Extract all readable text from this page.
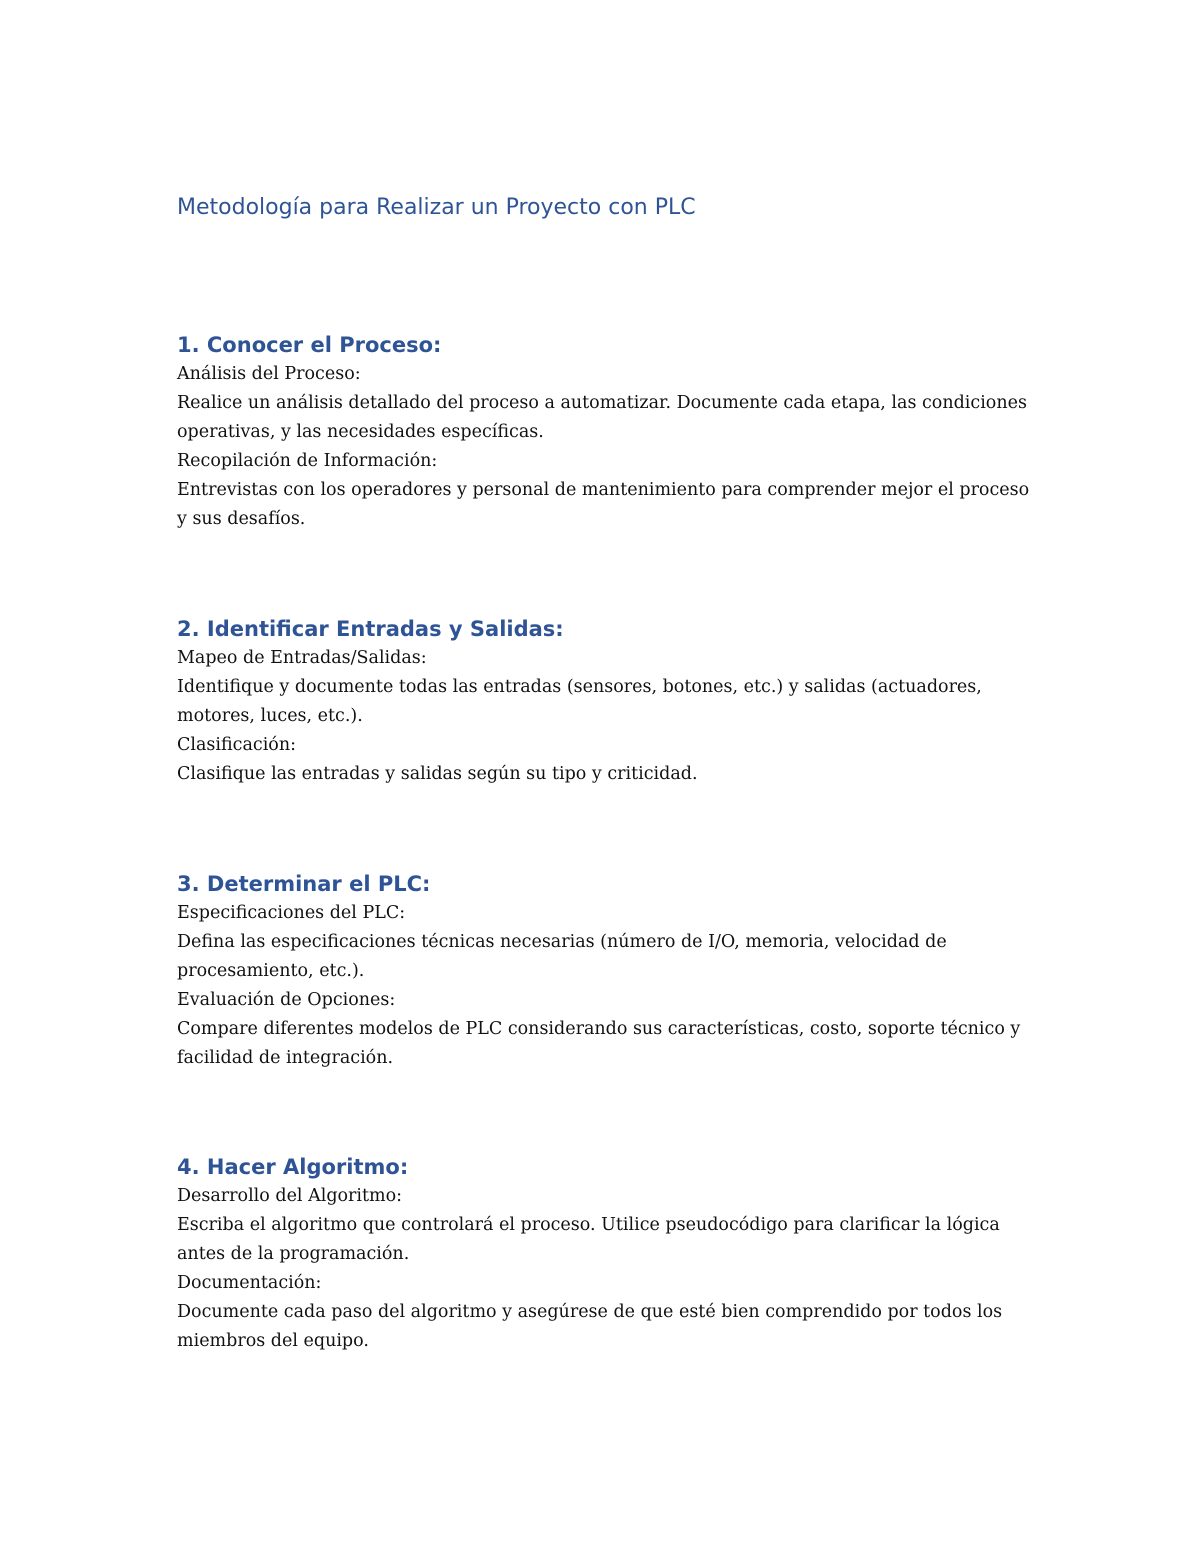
Metodología para Realizar un Proyecto con PLC
1. Conocer el Proceso:

Análisis del Proceso:

Realice un análisis detallado del proceso a automatizar. Documente cada etapa, las condiciones operativas, y las necesidades específicas.

Recopilación de Información:

Entrevistas con los operadores y personal de mantenimiento para comprender mejor el proceso y sus desafíos.

2. Identificar Entradas y Salidas:

Mapeo de Entradas/Salidas:

Identifique y documente todas las entradas (sensores, botones, etc.) y salidas (actuadores, motores, luces, etc.).

Clasificación:

Clasifique las entradas y salidas según su tipo y criticidad.

3. Determinar el PLC:

Especificaciones del PLC:

Defina las especificaciones técnicas necesarias (número de I/O, memoria, velocidad de procesamiento, etc.).

Evaluación de Opciones:

Compare diferentes modelos de PLC considerando sus características, costo, soporte técnico y facilidad de integración.

4. Hacer Algoritmo:

Desarrollo del Algoritmo:

Escriba el algoritmo que controlará el proceso. Utilice pseudocódigo para clarificar la lógica antes de la programación.

Documentación:

Documente cada paso del algoritmo y asegúrese de que esté bien comprendido por todos los miembros del equipo.
